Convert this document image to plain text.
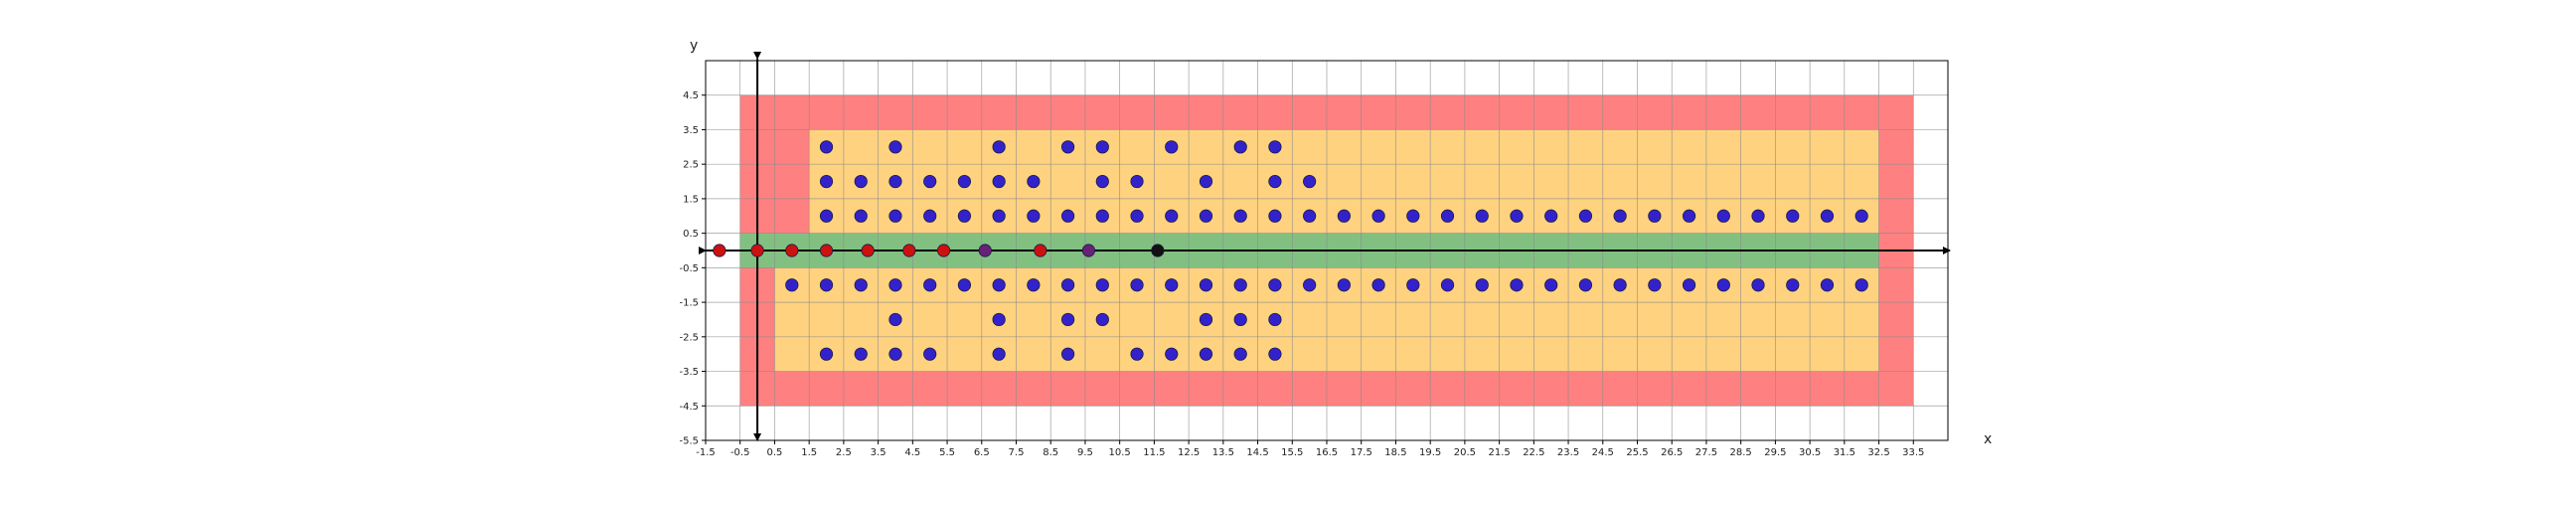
-1.5 -0.5 0.5 1.5 2.5 3.5 4.5 5.5 6.5 7.5 8.5 9.5 10.5 11.5 12.5 13.5 14.5 15.5 16.5 17.5 18.5 19.5 20.5 21.5 22.5 23.5 24.5 25.5 26.5 27.5 28.5 29.5 30.5 31.5 32.5 33.5
4.5
3.5
2.5
1.5
0.5
-0.5
-1.5
-2.5
-3.5
-4.5
-5.5	x
y
